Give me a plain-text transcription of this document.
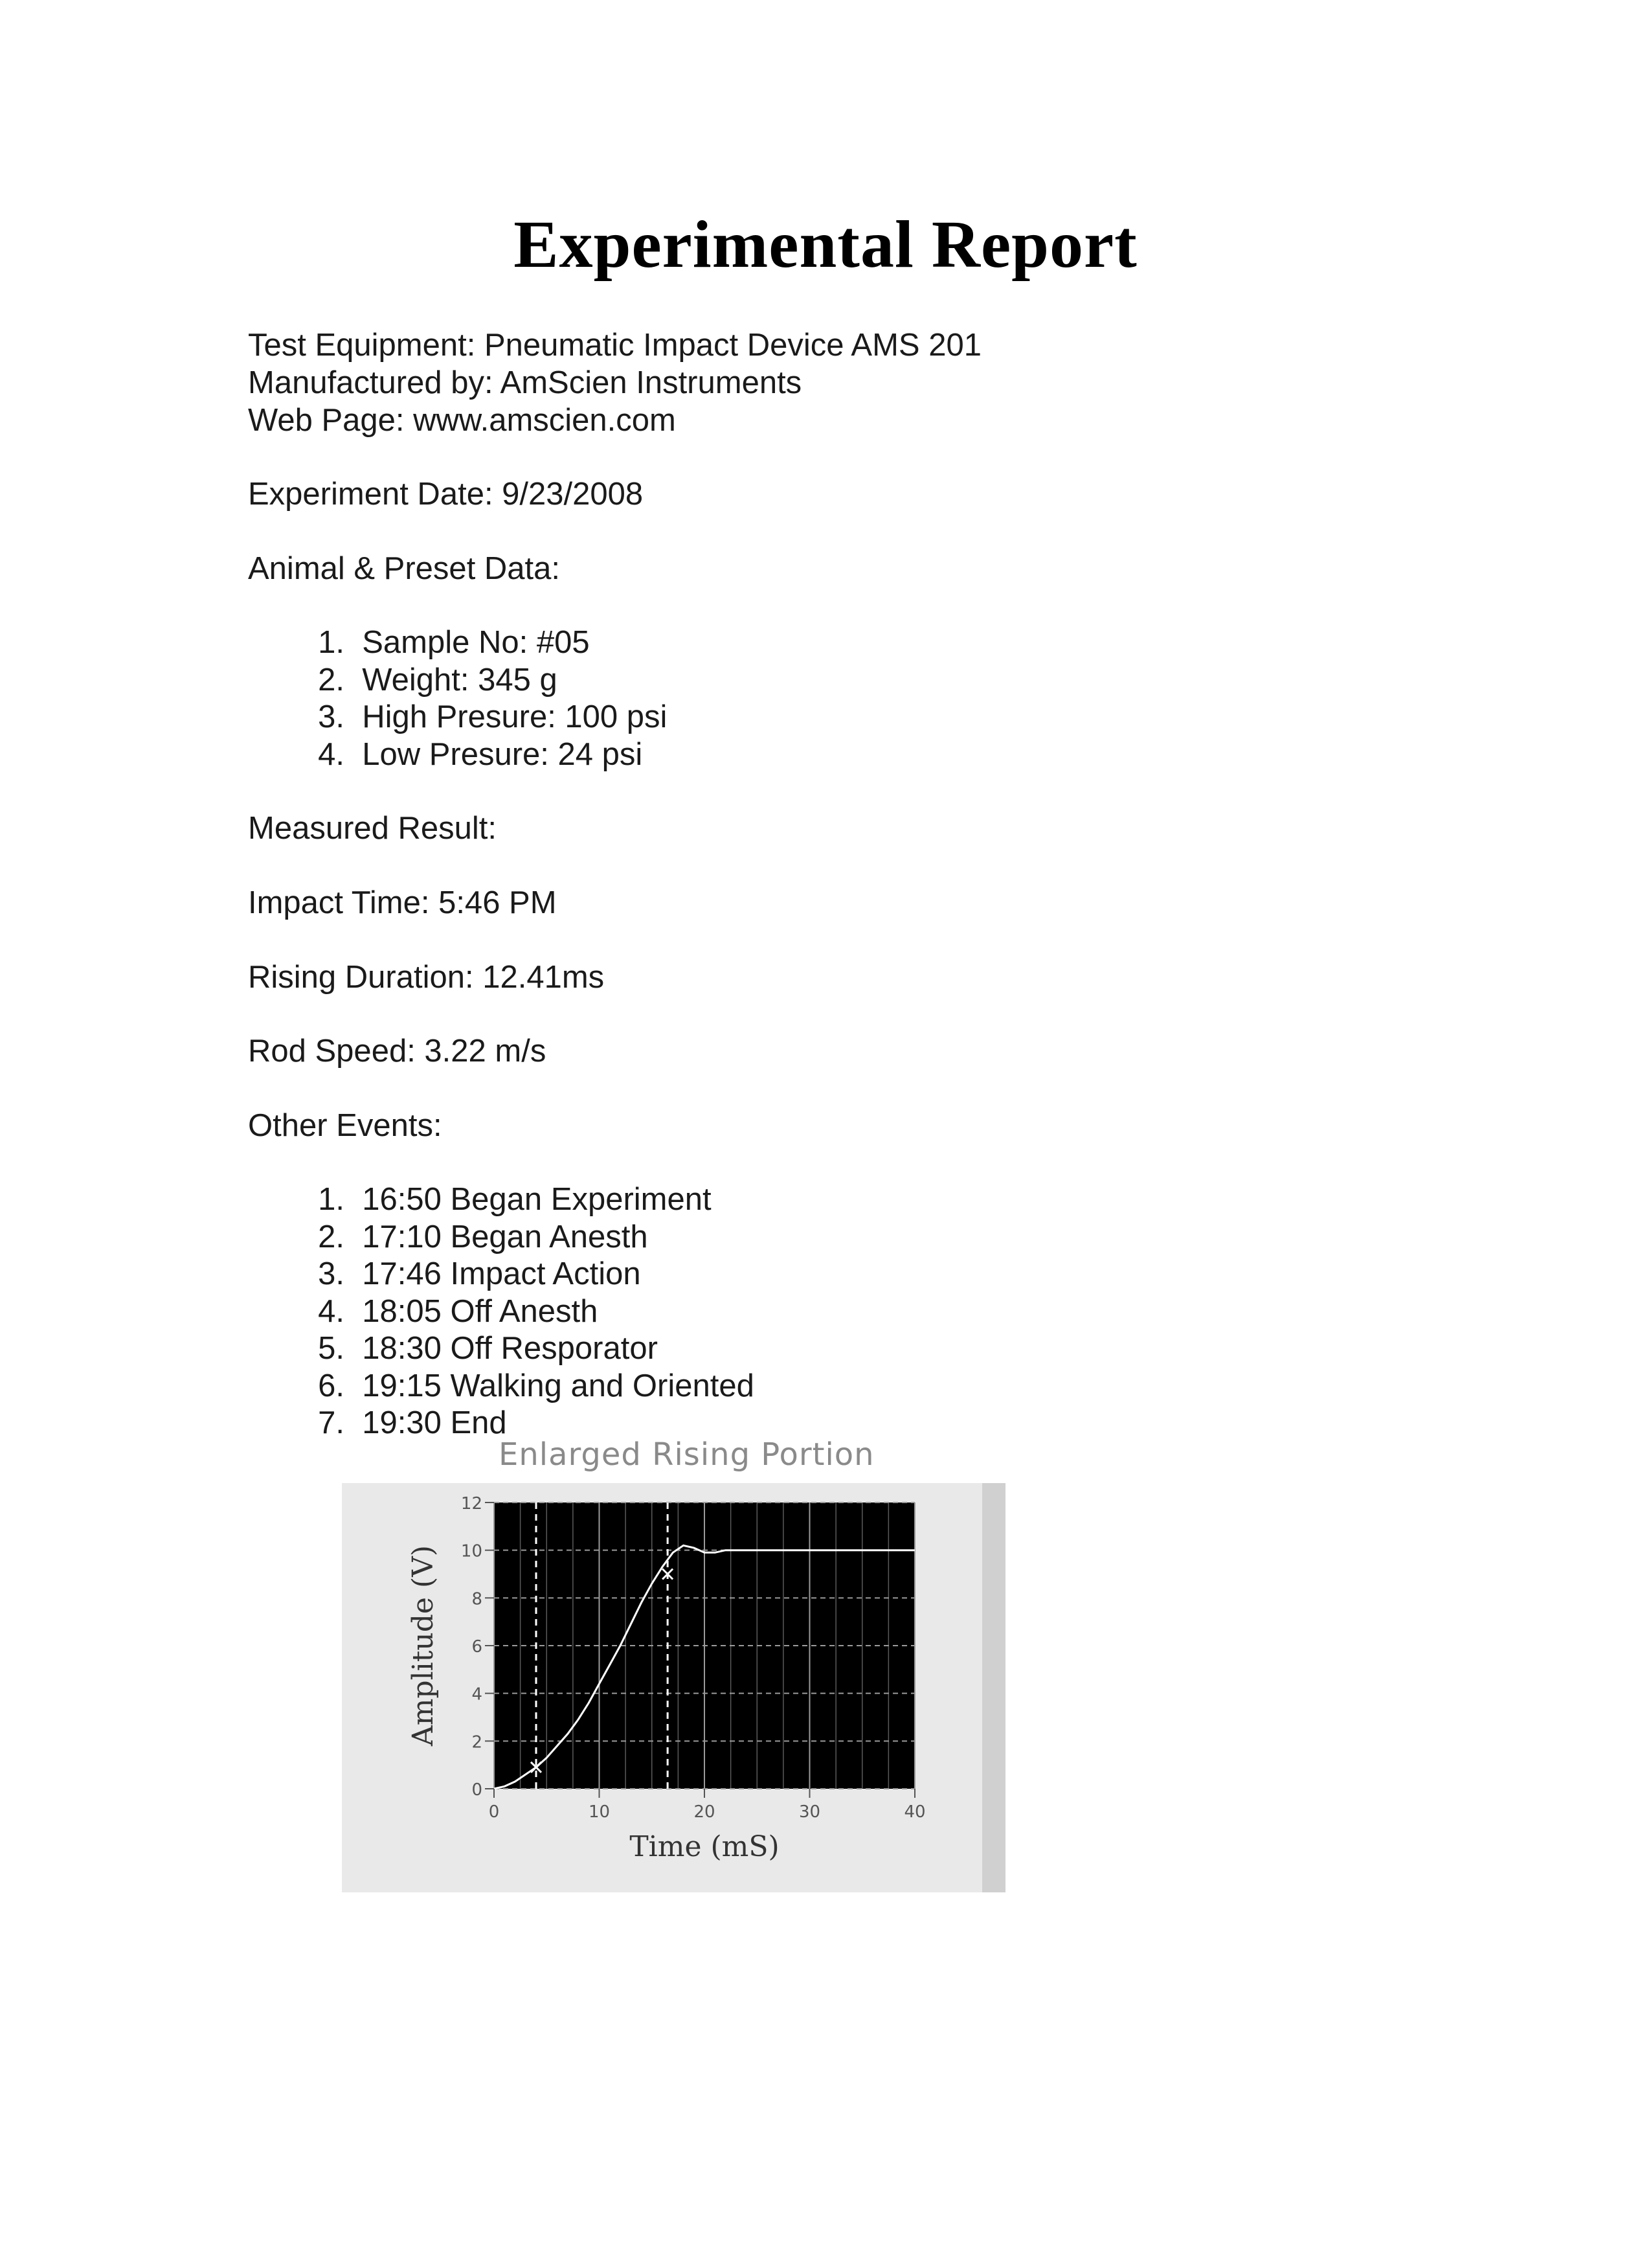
Experimental Report
Test Equipment: Pneumatic Impact Device AMS 201
Manufactured by: AmScien Instruments
Web Page: www.amscien.com
Experiment Date: 9/23/2008
Animal & Preset Data:
1. Sample No: #05
2. Weight: 345 g
3. High Presure: 100 psi
4. Low Presure: 24 psi
Measured Result:
Impact Time: 5:46 PM
Rising Duration: 12.41ms
Rod Speed: 3.22 m/s
Other Events:
1. 16:50 Began Experiment
2. 17:10 Began Anesth
3. 17:46 Impact Action
4. 18:05 Off Anesth
5. 18:30 Off Resporator
6. 19:15 Walking and Oriented
7. 19:30 End
Enlarged Rising Portion
0
2
4
6
8
10
12
0	10	20	30	40
Time (mS)
Amplitude (V)
